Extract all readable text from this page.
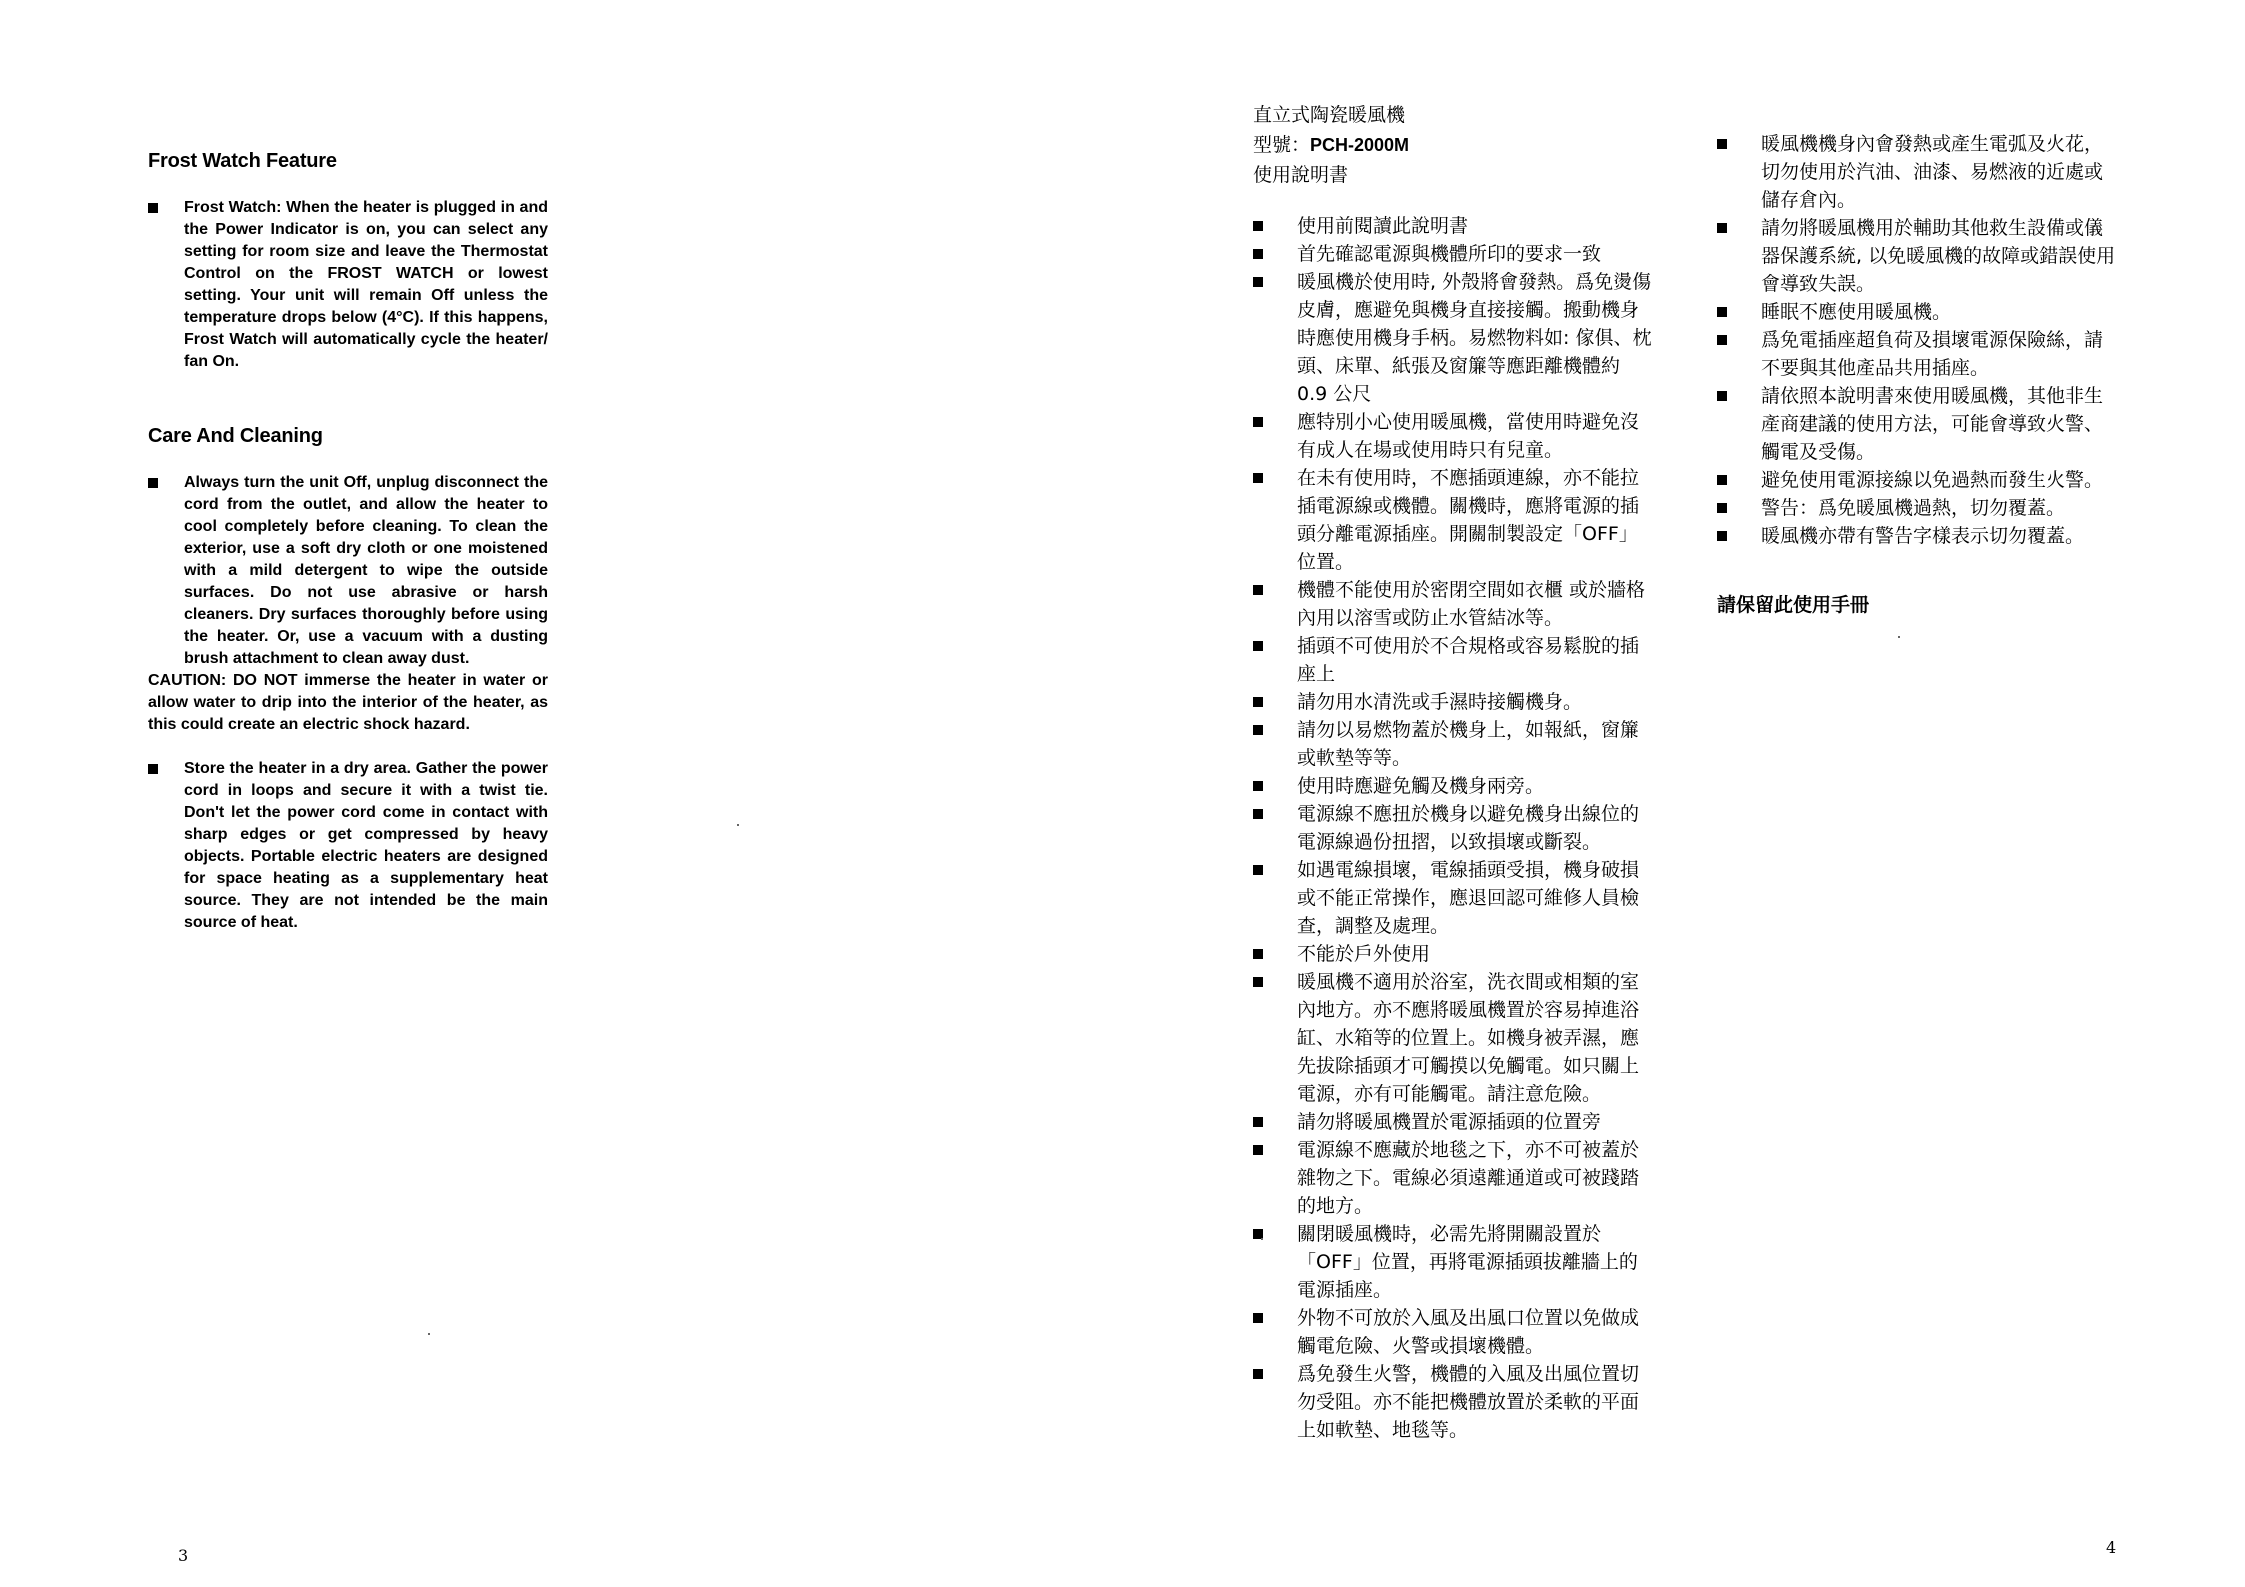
Frost Watch Feature
Frost Watch: When the heater is plugged in and the Power Indicator is on, you can select any setting for room size and leave the Thermostat Control on the FROST WATCH or lowest setting. Your unit will remain Off unless the temperature drops below (4°C). If this happens, Frost Watch will automatically cycle the heater/ fan On.
Care And Cleaning
Always turn the unit Off, unplug disconnect the cord from the outlet, and allow the heater to cool completely before cleaning. To clean the exterior, use a soft dry cloth or one moistened with a mild detergent to wipe the outside surfaces. Do not use abrasive or harsh cleaners. Dry surfaces thoroughly before using the heater. Or, use a vacuum with a dusting brush attachment to clean away dust.

CAUTION: DO NOT immerse the heater in water or allow water to drip into the interior of the heater, as this could create an electric shock hazard.

Store the heater in a dry area. Gather the power cord in loops and secure it with a twist tie. Don't let the power cord come in contact with sharp edges or get compressed by heavy objects. Portable electric heaters are designed for space heating as a supplementary heat source. They are not intended be the main source of heat.
3
直立式陶瓷暖風機
型號：PCH-2000M
使用說明書
使用前閱讀此說明書
首先確認電源與機體所印的要求一致
暖風機於使用時, 外殼將會發熱。爲免燙傷皮膚，應避免與機身直接接觸。搬動機身時應使用機身手柄。易燃物料如: 傢俱、枕頭、床單、紙張及窗簾等應距離機體約 0.9 公尺
應特別小心使用暖風機，當使用時避免沒有成人在場或使用時只有兒童。
在未有使用時，不應插頭連線，亦不能拉插電源線或機體。關機時，應將電源的插頭分離電源插座。開關制製設定「OFF」位置。
機體不能使用於密閉空間如衣櫃 或於牆格內用以溶雪或防止水管結冰等。
插頭不可使用於不合規格或容易鬆脫的插座上
請勿用水清洗或手濕時接觸機身。
請勿以易燃物蓋於機身上，如報紙，窗簾或軟墊等等。
使用時應避免觸及機身兩旁。
電源線不應扭於機身以避免機身出線位的電源線過份扭摺，以致損壞或斷裂。
如遇電線損壞，電線插頭受損，機身破損或不能正常操作，應退回認可維修人員檢查，調整及處理。
不能於戶外使用
暖風機不適用於浴室，洗衣間或相類的室內地方。亦不應將暖風機置於容易掉進浴缸、水箱等的位置上。如機身被弄濕，應先拔除插頭才可觸摸以免觸電。如只關上電源，亦有可能觸電。請注意危險。
請勿將暖風機置於電源插頭的位置旁
電源線不應藏於地毯之下，亦不可被蓋於雜物之下。電線必須遠離通道或可被踐踏的地方。
關閉暖風機時，必需先將開關設置於「OFF」位置，再將電源插頭拔離牆上的電源插座。
外物不可放於入風及出風口位置以免做成觸電危險、火警或損壞機體。
爲免發生火警，機體的入風及出風位置切勿受阻。亦不能把機體放置於柔軟的平面上如軟墊、地毯等。
暖風機機身內會發熱或產生電弧及火花，切勿使用於汽油、油漆、易燃液的近處或儲存倉內。
請勿將暖風機用於輔助其他救生設備或儀器保護系統, 以免暖風機的故障或錯誤使用會導致失誤。
睡眠不應使用暖風機。
爲免電插座超負荷及損壞電源保險絲，請不要與其他產品共用插座。
請依照本說明書來使用暖風機，其他非生產商建議的使用方法，可能會導致火警、觸電及受傷。
避免使用電源接線以免過熱而發生火警。
警告：爲免暖風機過熱，切勿覆蓋。
暖風機亦帶有警告字樣表示切勿覆蓋。
請保留此使用手冊
4
